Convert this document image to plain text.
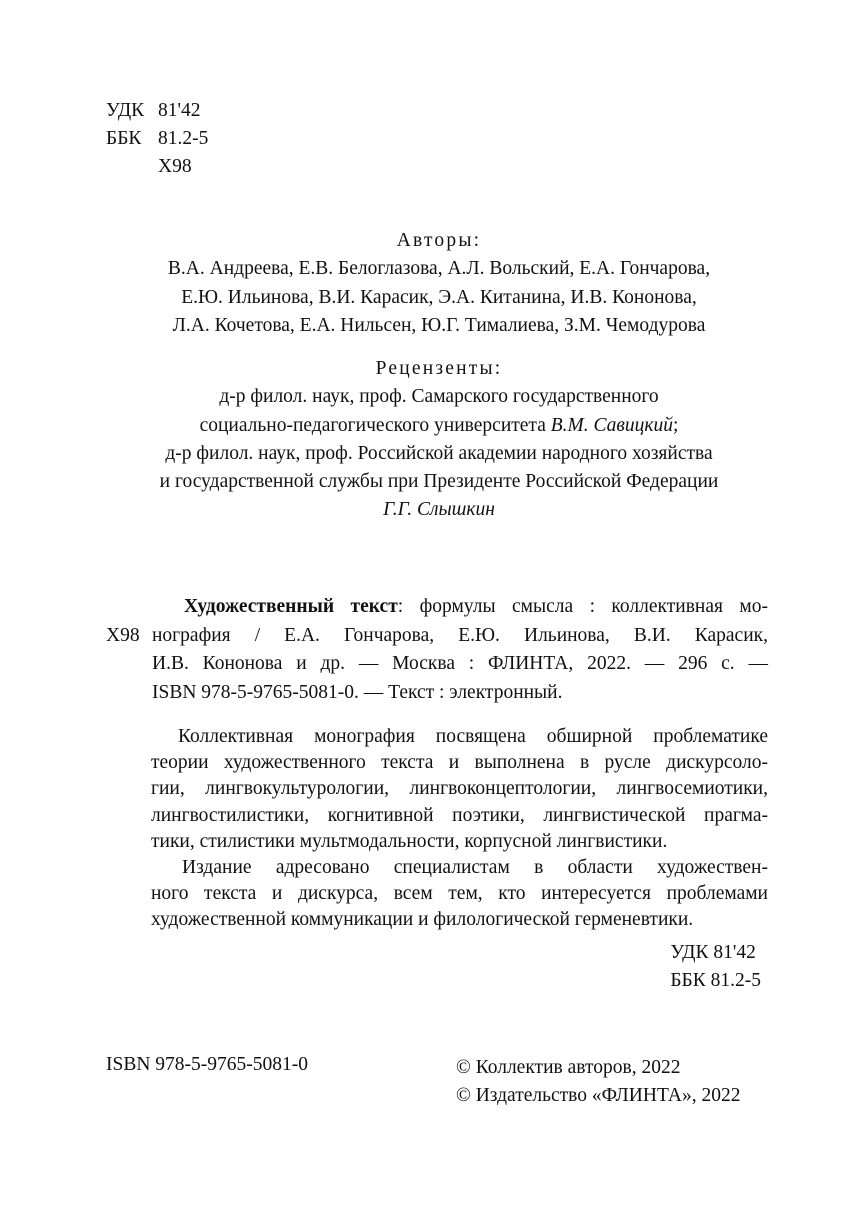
УДК 81'42
ББК 81.2-5
Х98
Авторы:
В.А. Андреева, Е.В. Белоглазова, А.Л. Вольский, Е.А. Гончарова,
Е.Ю. Ильинова, В.И. Карасик, Э.А. Китанина, И.В. Кононова,
Л.А. Кочетова, Е.А. Нильсен, Ю.Г. Тималиева, З.М. Чемодурова
Рецензенты:
д-р филол. наук, проф. Самарского государственного
социально-педагогического университета В.М. Савицкий;
д-р филол. наук, проф. Российской академии народного хозяйства
и государственной службы при Президенте Российской Федерации
Г.Г. Слышкин
Художественный текст: формулы смысла : коллективная мо-
Х98 нография / Е.А. Гончарова, Е.Ю. Ильинова, В.И. Карасик,
И.В. Кононова и др. — Москва : ФЛИНТА, 2022. — 296 с. —
ISBN 978-5-9765-5081-0. — Текст : электронный.
Коллективная монография посвящена обширной проблематике
теории художественного текста и выполнена в русле дискурсоло-
гии, лингвокультурологии, лингвоконцептологии, лингвосемиотики,
лингвостилистики, когнитивной поэтики, лингвистической прагма-
тики, стилистики мультмодальности, корпусной лингвистики.
Издание адресовано специалистам в области художествен-
ного текста и дискурса, всем тем, кто интересуется проблемами
художественной коммуникации и филологической герменевтики.
УДК 81'42
ББК 81.2-5
ISBN 978-5-9765-5081-0	© Коллектив авторов, 2022
© Издательство «ФЛИНТА», 2022
